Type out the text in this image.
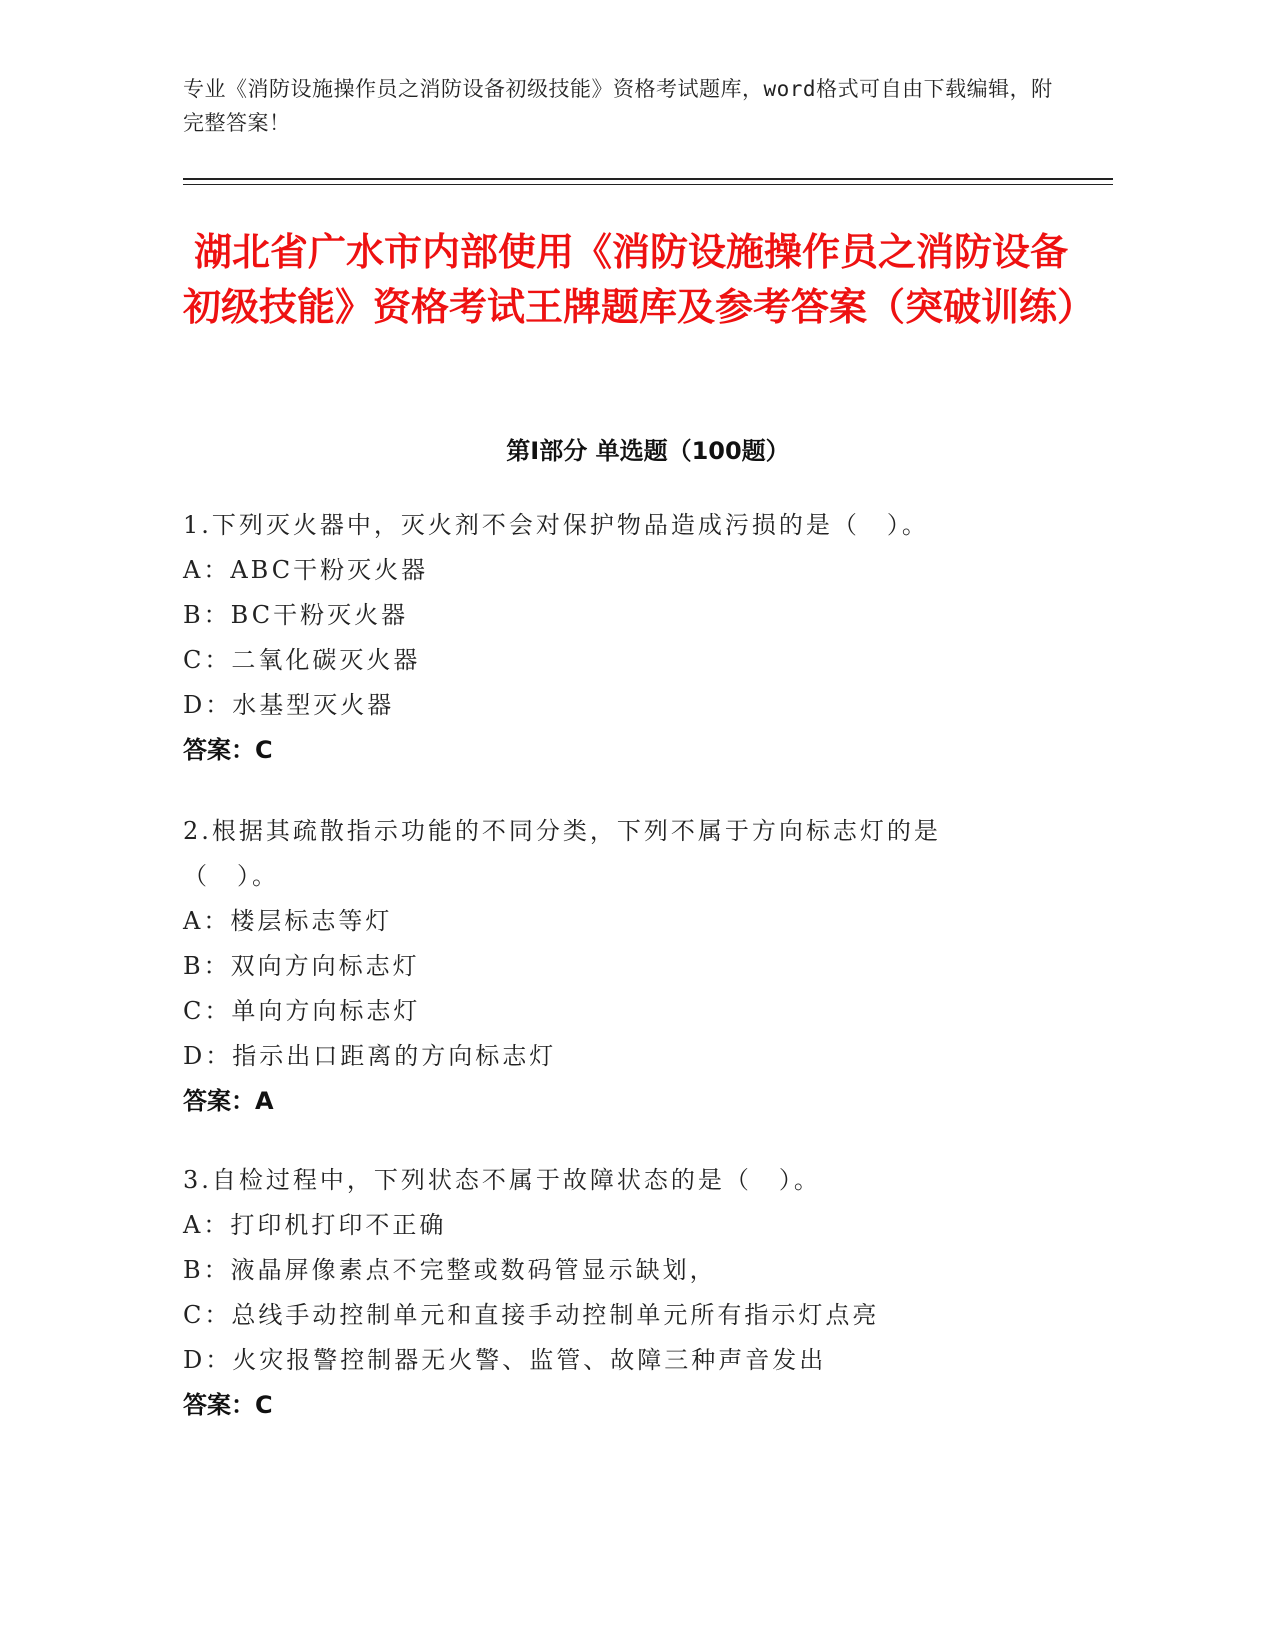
专业《消防设施操作员之消防设备初级技能》资格考试题库，word格式可自由下载编辑，附完整答案！
湖北省广水市内部使用《消防设施操作员之消防设备初级技能》资格考试王牌题库及参考答案（突破训练）
第I部分 单选题（100题）
1.下列灭火器中，灭火剂不会对保护物品造成污损的是（　）。
A：ABC干粉灭火器
B：BC干粉灭火器
C：二氧化碳灭火器
D：水基型灭火器
答案：C
2.根据其疏散指示功能的不同分类，下列不属于方向标志灯的是（　）。
A：楼层标志等灯
B：双向方向标志灯
C：单向方向标志灯
D：指示出口距离的方向标志灯
答案：A
3.自检过程中，下列状态不属于故障状态的是（　）。
A：打印机打印不正确
B：液晶屏像素点不完整或数码管显示缺划，
C：总线手动控制单元和直接手动控制单元所有指示灯点亮
D：火灾报警控制器无火警、监管、故障三种声音发出
答案：C
